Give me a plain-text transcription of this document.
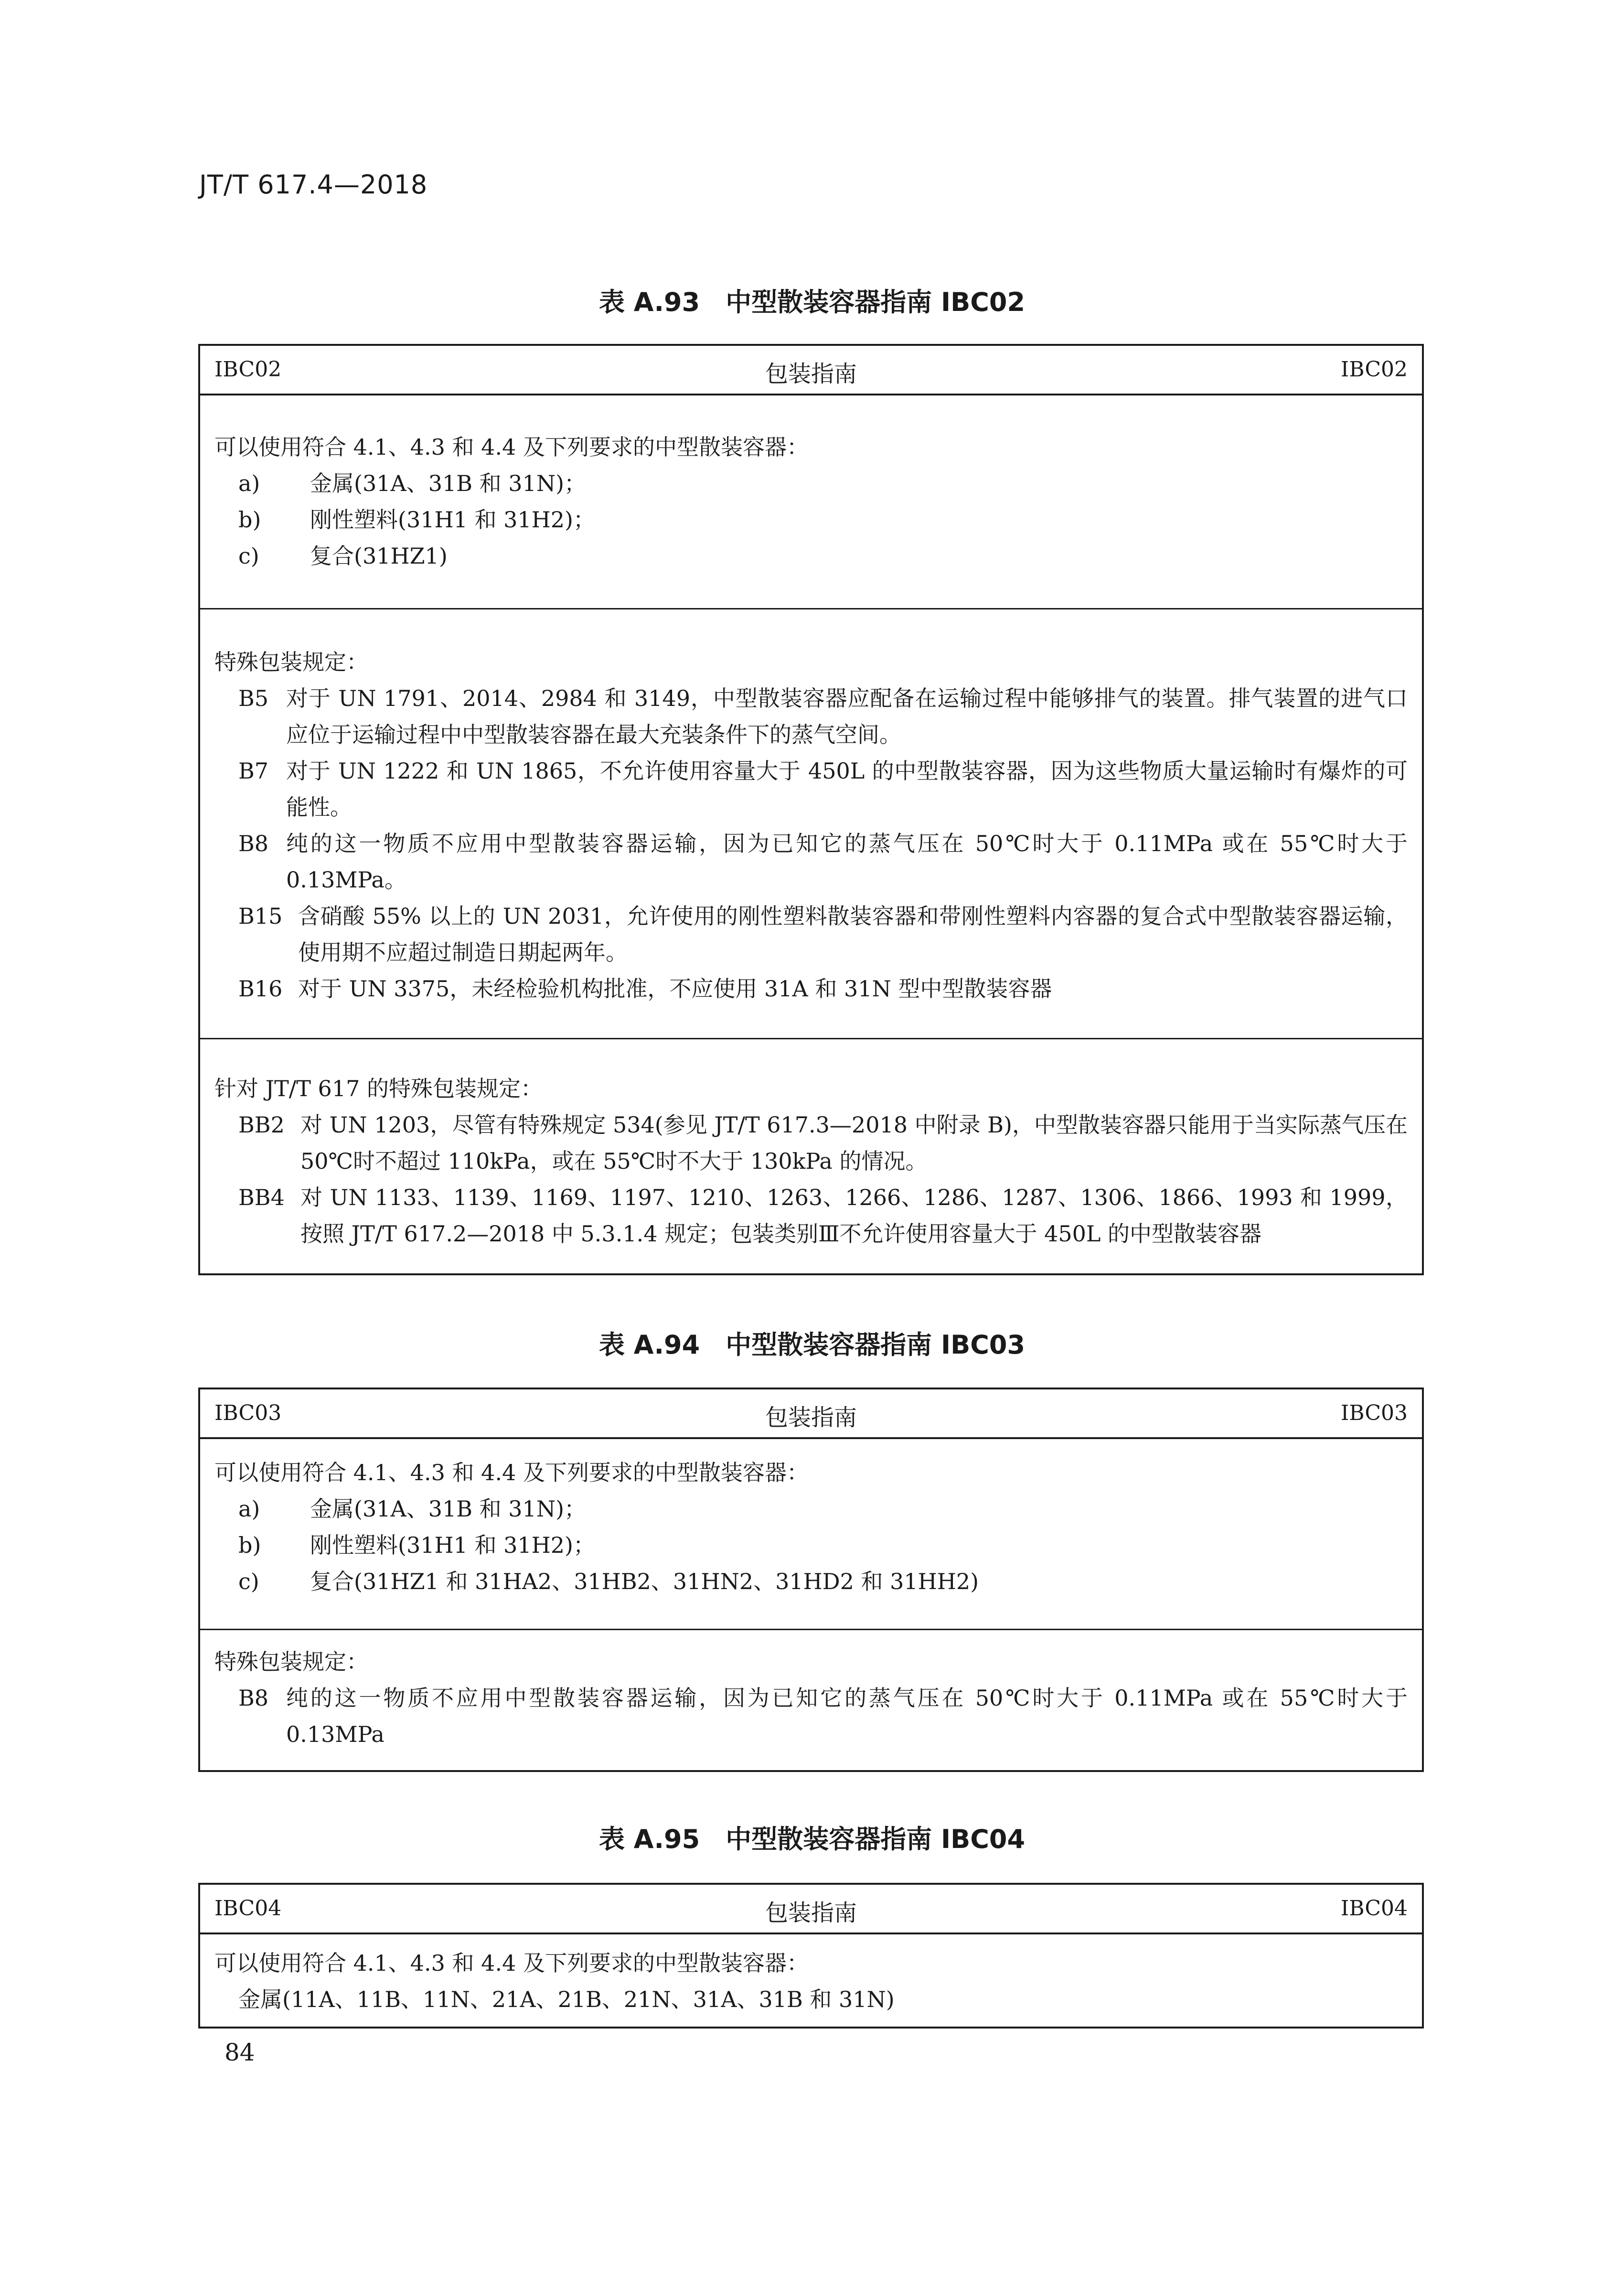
JT/T 617.4—2018
表 A.93　中型散装容器指南 IBC02
IBC02	包装指南	IBC02
可以使用符合 4.1、4.3 和 4.4 及下列要求的中型散装容器：
a)	金属(31A、31B 和 31N)；
b)	刚性塑料(31H1 和 31H2)；
c)	复合(31HZ1)
特殊包装规定：
B5 对于 UN 1791、2014、2984 和 3149，中型散装容器应配备在运输过程中能够排气的装置。排气装置的进气口应位于运输过程中中型散装容器在最大充装条件下的蒸气空间。
B7 对于 UN 1222 和 UN 1865，不允许使用容量大于 450L 的中型散装容器，因为这些物质大量运输时有爆炸的可能性。
B8 纯的这一物质不应用中型散装容器运输，因为已知它的蒸气压在 50℃时大于 0.11MPa 或在 55℃时大于 0.13MPa。
B15 含硝酸 55% 以上的 UN 2031，允许使用的刚性塑料散装容器和带刚性塑料内容器的复合式中型散装容器运输，使用期不应超过制造日期起两年。
B16 对于 UN 3375，未经检验机构批准，不应使用 31A 和 31N 型中型散装容器
针对 JT/T 617 的特殊包装规定：
BB2 对 UN 1203，尽管有特殊规定 534(参见 JT/T 617.3—2018 中附录 B)，中型散装容器只能用于当实际蒸气压在 50℃时不超过 110kPa，或在 55℃时不大于 130kPa 的情况。
BB4 对 UN 1133、1139、1169、1197、1210、1263、1266、1286、1287、1306、1866、1993 和 1999，按照 JT/T 617.2—2018 中 5.3.1.4 规定；包装类别Ⅲ不允许使用容量大于 450L 的中型散装容器
表 A.94　中型散装容器指南 IBC03
IBC03	包装指南	IBC03
可以使用符合 4.1、4.3 和 4.4 及下列要求的中型散装容器：
a)	金属(31A、31B 和 31N)；
b)	刚性塑料(31H1 和 31H2)；
c)	复合(31HZ1 和 31HA2、31HB2、31HN2、31HD2 和 31HH2)
特殊包装规定：
B8 纯的这一物质不应用中型散装容器运输，因为已知它的蒸气压在 50℃时大于 0.11MPa 或在 55℃时大于 0.13MPa
表 A.95　中型散装容器指南 IBC04
IBC04	包装指南	IBC04
可以使用符合 4.1、4.3 和 4.4 及下列要求的中型散装容器：
金属(11A、11B、11N、21A、21B、21N、31A、31B 和 31N)
84
